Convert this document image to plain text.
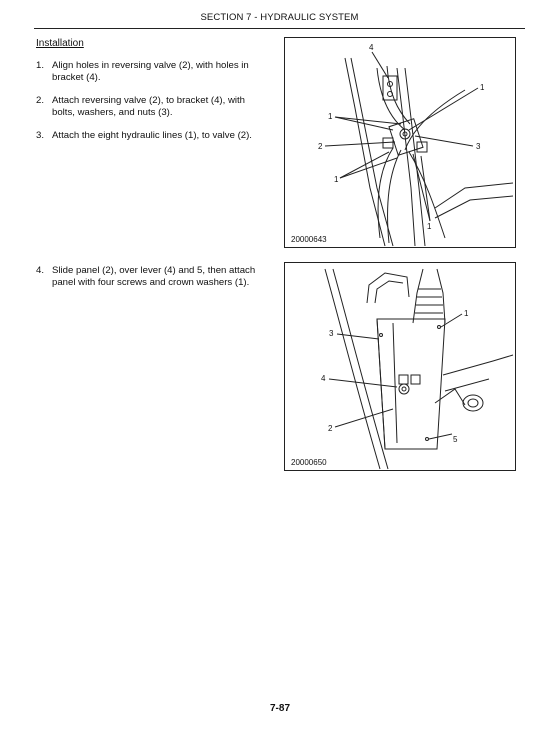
SECTION 7 - HYDRAULIC SYSTEM
Installation
1. Align holes in reversing valve (2), with holes in bracket (4).
2. Attach reversing valve (2), to bracket (4), with bolts, washers, and nuts (3).
3. Attach the eight hydraulic lines (1), to valve (2).
4. Slide panel (2), over lever (4) and 5, then attach panel with four screws and crown washers (1).
4
1
1
2	3
1
1
20000643
1
3
4
2
5
20000650
7-87
